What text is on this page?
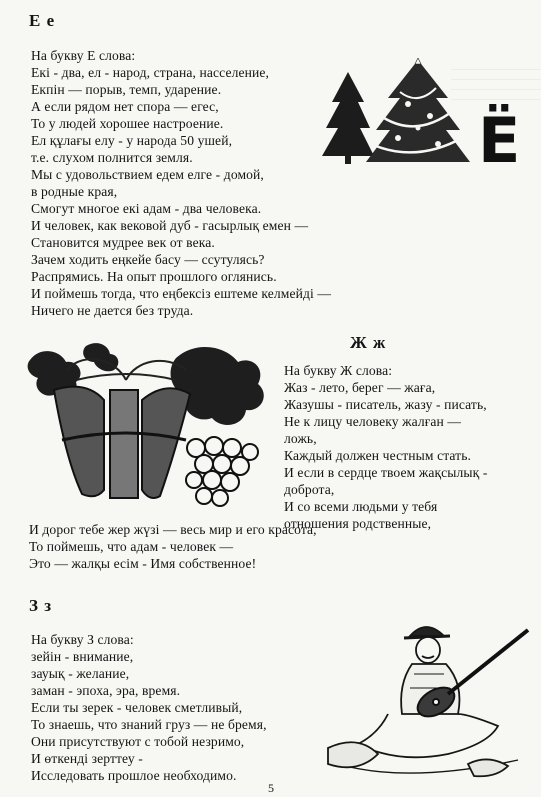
Е е
На букву Е слова:
Екі - два, ел - народ, страна, насселение,
Екпін — порыв, темп, ударение.
А если рядом нет спора — егес,
То у людей хорошее настроение.
Ел құлағы елу - у народа 50 ушей,
т.е. слухом полнится земля.
Мы с удовольствием едем елге - домой,
в родные края,
Смогут многое екі адам - два человека.
И человек, как вековой дуб - гасырлық емен —
Становится мудрее век от века.
Зачем ходить еңкейе басу — ссутулясь?
Распрямись. На опыт прошлого оглянись.
И поймешь тогда, что еңбексіз ештеме келмейді —
Ничего не дается без труда.
Ё
Ж ж
На букву Ж слова:
Жаз - лето, берег — жаға,
Жазушы - писатель, жазу - писать,
Не к лицу человеку жалған —
ложь,
Каждый должен честным стать.
И если в сердце твоем жақсылық -
доброта,
И со всеми людьми у тебя
отношения родственные,
И дорог тебе жер жүзі — весь мир и его красота,
То поймешь, что адам - человек —
Это — жалқы есім - Имя собственное!
З з
На букву З слова:
зейін - внимание,
зауық - желание,
заман - эпоха, эра, время.
Если ты зерек - человек сметливый,
То знаешь, что знаний груз — не бремя,
Они присутствуют с тобой незримо,
И өткенді зерттеу -
Исследовать прошлое необходимо.
5
